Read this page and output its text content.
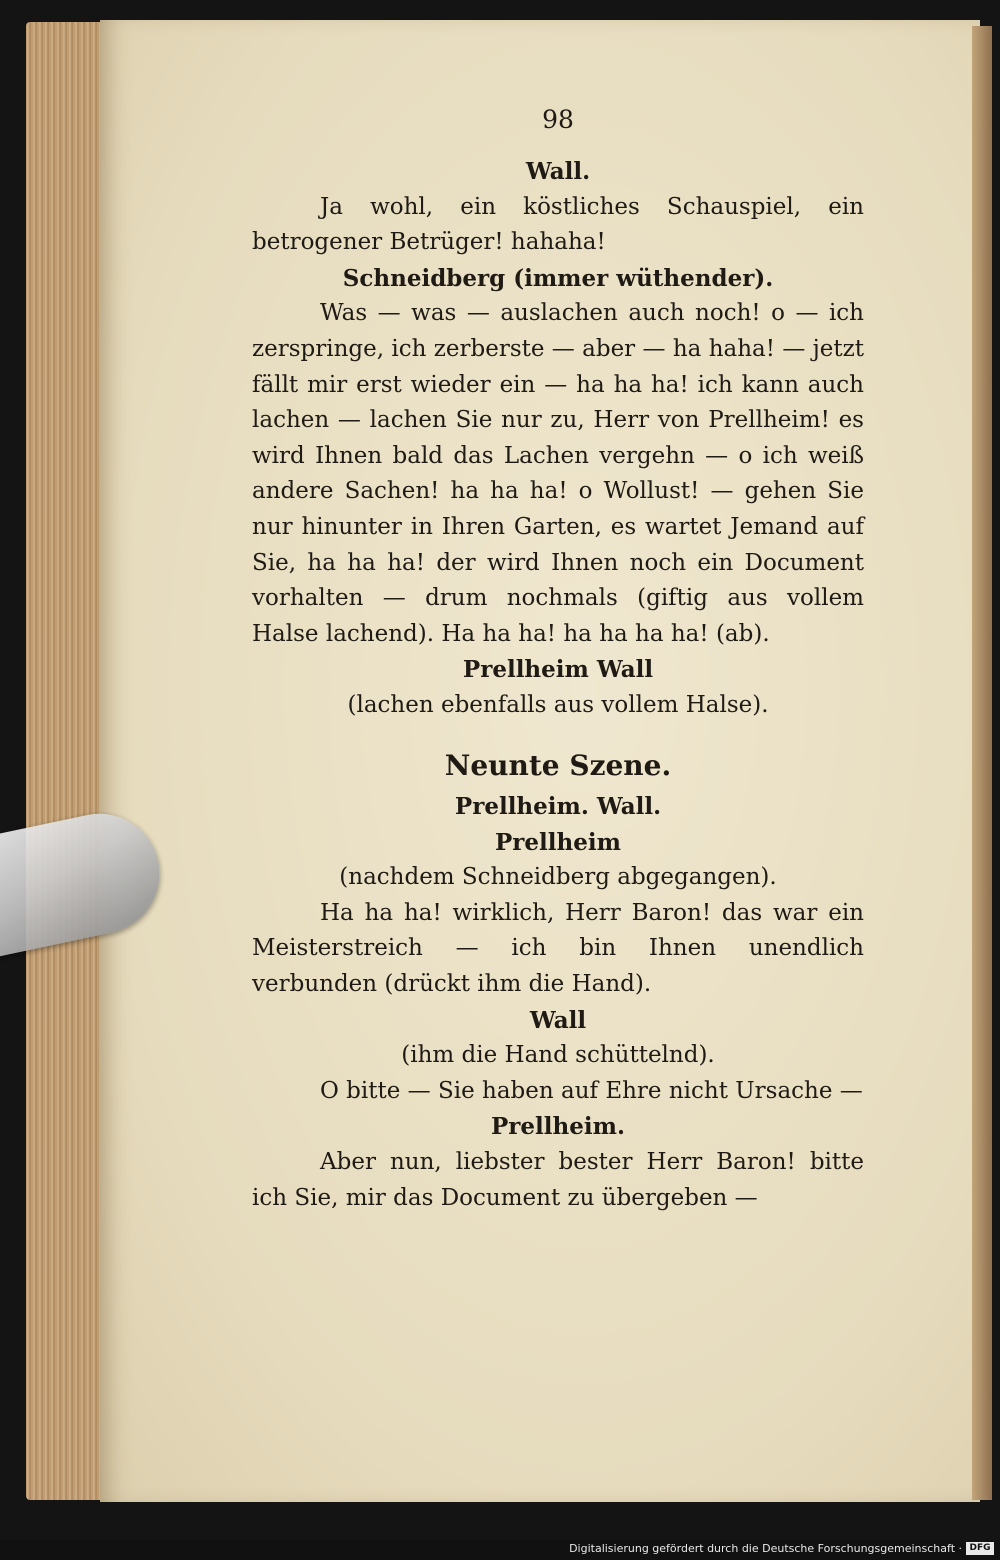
98

Wall.

Ja wohl, ein köstliches Schauspiel, ein betrogener Betrüger! hahaha!

Schneidberg (immer wüthender).

Was — was — auslachen auch noch! o — ich zerspringe, ich zerberste — aber — ha haha! — jetzt fällt mir erst wieder ein — ha ha ha! ich kann auch lachen — lachen Sie nur zu, Herr von Prellheim! es wird Ihnen bald das Lachen vergehn — o ich weiß andere Sachen! ha ha ha! o Wollust! — gehen Sie nur hinunter in Ihren Garten, es wartet Jemand auf Sie, ha ha ha! der wird Ihnen noch ein Document vorhalten — drum nochmals (giftig aus vollem Halse lachend). Ha ha ha! ha ha ha ha! (ab).

Prellheim Wall

(lachen ebenfalls aus vollem Halse).

Neunte Szene.

Prellheim. Wall.

Prellheim

(nachdem Schneidberg abgegangen).

Ha ha ha! wirklich, Herr Baron! das war ein Meisterstreich — ich bin Ihnen unendlich verbunden (drückt ihm die Hand).

Wall

(ihm die Hand schüttelnd).

O bitte — Sie haben auf Ehre nicht Ursache —

Prellheim.

Aber nun, liebster bester Herr Baron! bitte ich Sie, mir das Document zu übergeben —

Digitalisierung gefördert durch die Deutsche Forschungsgemeinschaft · DFG
